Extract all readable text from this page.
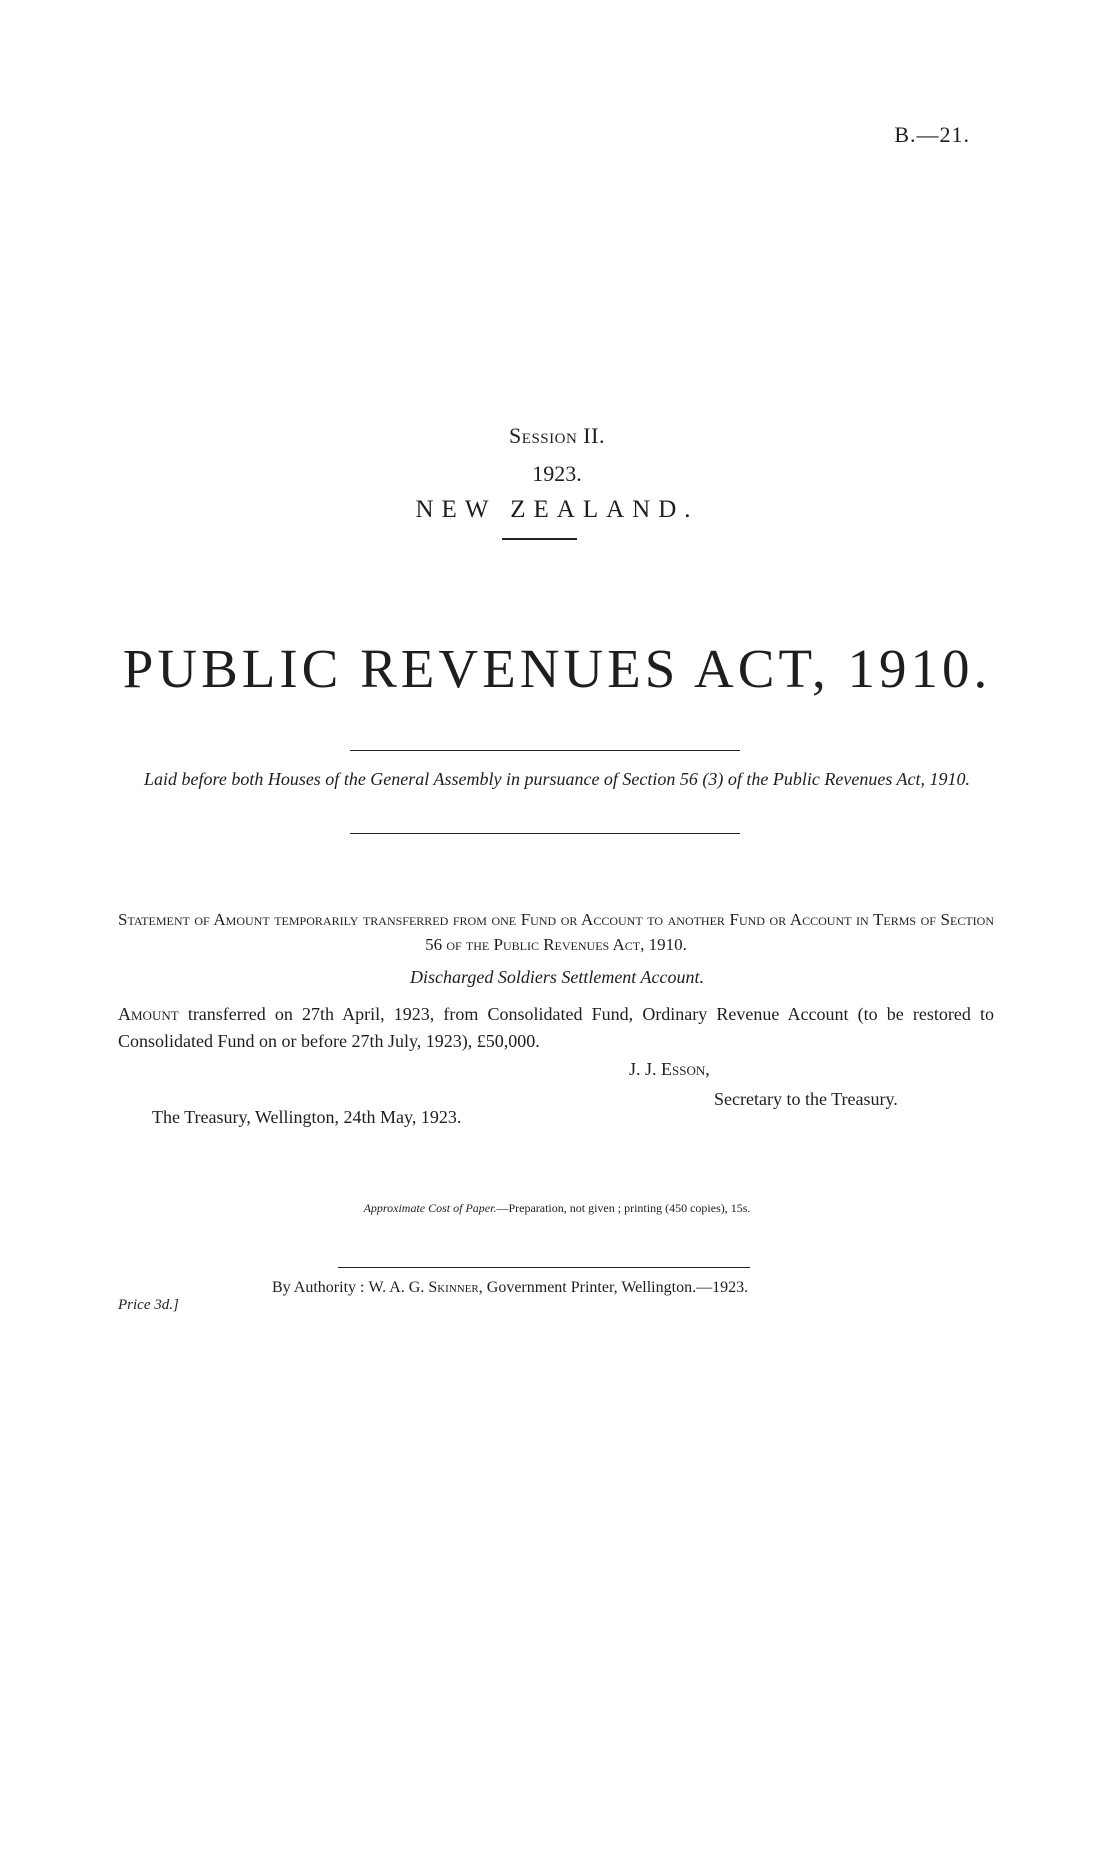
B.—21.
Session II.
1923.
NEW ZEALAND.
PUBLIC REVENUES ACT, 1910.
Laid before both Houses of the General Assembly in pursuance of Section 56 (3) of the Public Revenues Act, 1910.
Statement of Amount temporarily transferred from one Fund or Account to another Fund or Account in Terms of Section 56 of the Public Revenues Act, 1910.
Discharged Soldiers Settlement Account.
Amount transferred on 27th April, 1923, from Consolidated Fund, Ordinary Revenue Account (to be restored to Consolidated Fund on or before 27th July, 1923), £50,000.
J. J. Esson,
Secretary to the Treasury.
The Treasury, Wellington, 24th May, 1923.
Approximate Cost of Paper.—Preparation, not given ; printing (450 copies), 15s.
By Authority : W. A. G. Skinner, Government Printer, Wellington.—1923.
Price 3d.]
